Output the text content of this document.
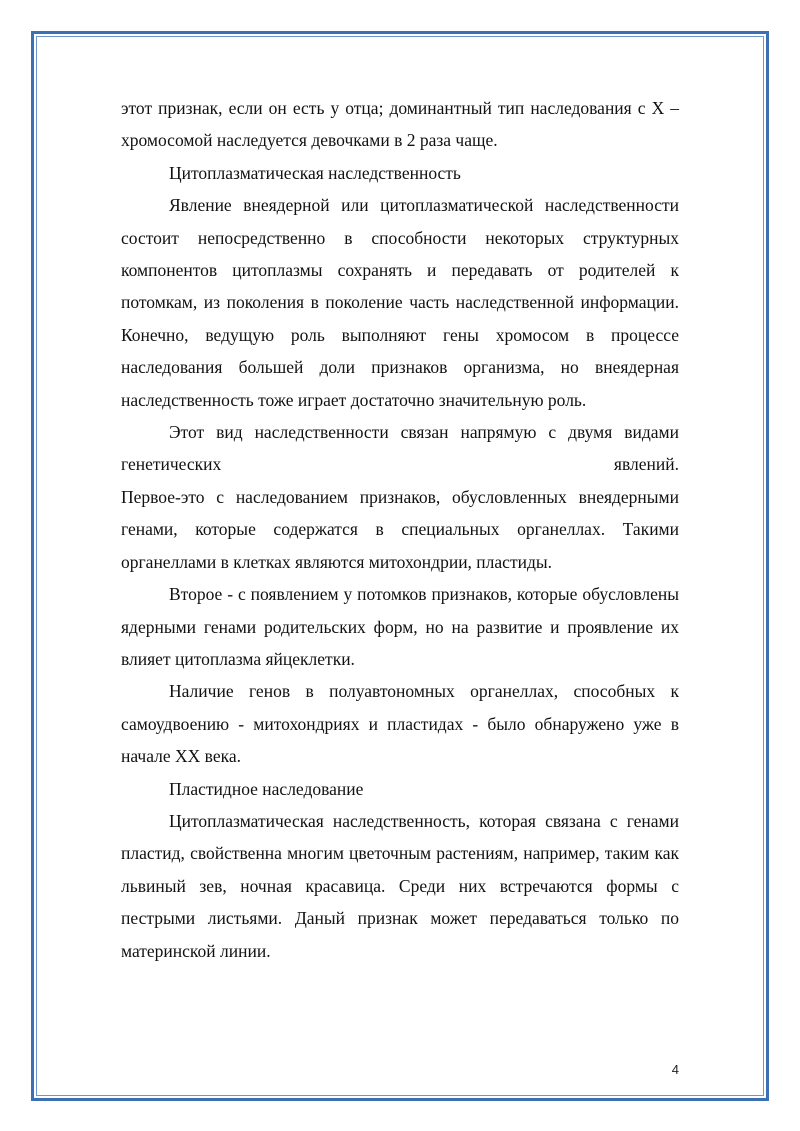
этот признак, если он есть у отца; доминантный тип наследования с Х – хромосомой наследуется девочками в 2 раза чаще.

Цитоплазматическая наследственность

Явление внеядерной или цитоплазматической наследственности состоит непосредственно в способности некоторых структурных компонентов цитоплазмы сохранять и передавать от родителей к потомкам, из поколения в поколение часть наследственной информации. Конечно, ведущую роль выполняют гены хромосом в процессе наследования большей доли признаков организма, но внеядерная наследственность тоже играет достаточно значительную роль.

Этот вид наследственности связан напрямую с двумя видами генетических явлений.

Первое-это с наследованием признаков, обусловленных внеядерными генами, которые содержатся в специальных органеллах. Такими органеллами в клетках являются митохондрии, пластиды.

Второе - с появлением у потомков признаков, которые обусловлены ядерными генами родительских форм, но на развитие и проявление их влияет цитоплазма яйцеклетки.

Наличие генов в полуавтономных органеллах, способных к самоудвоению - митохондриях и пластидах - было обнаружено уже в начале XX века.

Пластидное наследование

Цитоплазматическая наследственность, которая связана с генами пластид, свойственна многим цветочным растениям, например, таким как львиный зев, ночная красавица. Среди них встречаются формы с пестрыми листьями. Даный признак может передаваться только по материнской линии.

4
